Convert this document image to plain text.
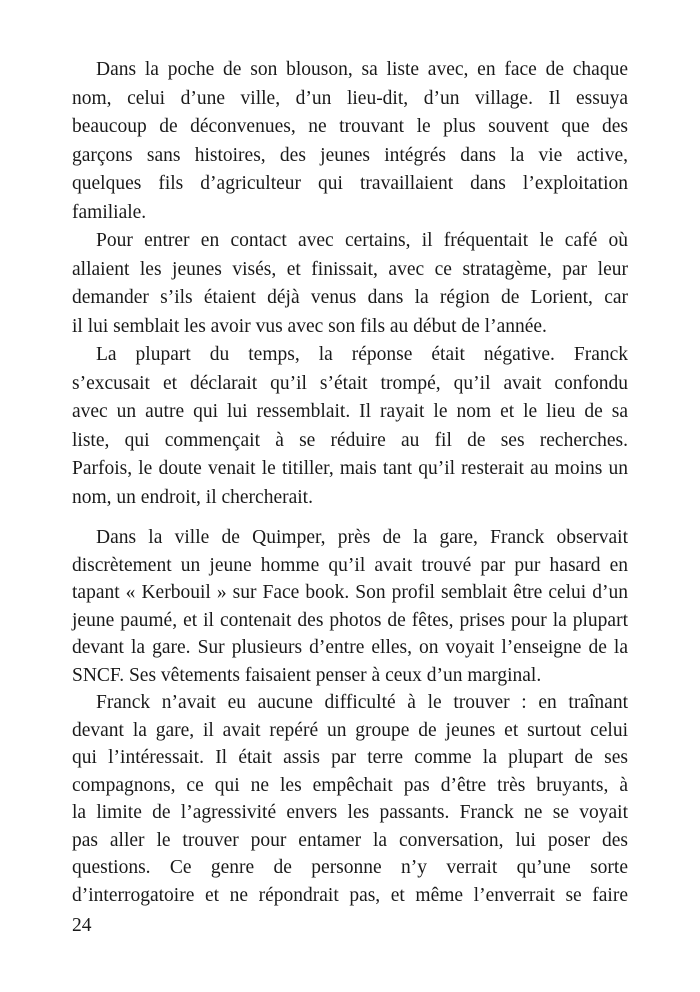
Dans la poche de son blouson, sa liste avec, en face de chaque
nom, celui d’une ville, d’un lieu-dit, d’un village. Il essuya
beaucoup de déconvenues, ne trouvant le plus souvent que des
garçons sans histoires, des jeunes intégrés dans la vie active,
quelques fils d’agriculteur qui travaillaient dans l’exploitation
familiale.
Pour entrer en contact avec certains, il fréquentait le café où
allaient les jeunes visés, et finissait, avec ce stratagème, par leur
demander s’ils étaient déjà venus dans la région de Lorient, car
il lui semblait les avoir vus avec son fils au début de l’année.
La plupart du temps, la réponse était négative. Franck
s’excusait et déclarait qu’il s’était trompé, qu’il avait confondu
avec un autre qui lui ressemblait. Il rayait le nom et le lieu de sa
liste, qui commençait à se réduire au fil de ses recherches.
Parfois, le doute venait le titiller, mais tant qu’il resterait au moins un
nom, un endroit, il chercherait.
Dans la ville de Quimper, près de la gare, Franck observait
discrètement un jeune homme qu’il avait trouvé par pur hasard en
tapant « Kerbouil » sur Face book. Son profil semblait être celui d’un
jeune paumé, et il contenait des photos de fêtes, prises pour la plupart
devant la gare. Sur plusieurs d’entre elles, on voyait l’enseigne de la
SNCF. Ses vêtements faisaient penser à ceux d’un marginal.
Franck n’avait eu aucune difficulté à le trouver : en traînant
devant la gare, il avait repéré un groupe de jeunes et surtout celui
qui l’intéressait. Il était assis par terre comme la plupart de ses
compagnons, ce qui ne les empêchait pas d’être très bruyants, à
la limite de l’agressivité envers les passants. Franck ne se voyait
pas aller le trouver pour entamer la conversation, lui poser des
questions. Ce genre de personne n’y verrait qu’une sorte
d’interrogatoire et ne répondrait pas, et même l’enverrait se faire
24
